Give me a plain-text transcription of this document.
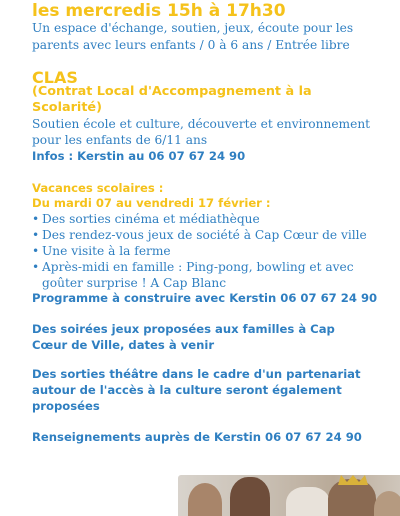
les mercredis 15h à 17h30
Un espace d'échange, soutien, jeux, écoute pour les parents avec leurs enfants / 0 à 6 ans / Entrée libre
CLAS
(Contrat Local d'Accompagnement à la Scolarité)
Soutien école et culture, découverte et environnement pour les enfants de 6/11 ans
Infos : Kerstin au 06 07 67 24 90
Vacances scolaires :
Du mardi 07 au vendredi 17 février :
• Des sorties cinéma et médiathèque
• Des rendez-vous jeux de société à Cap Cœur de ville
• Une visite à la ferme
• Après-midi en famille : Ping-pong, bowling et avec goûter surprise ! A Cap Blanc
Programme à construire avec Kerstin 06 07 67 24 90
Des soirées jeux proposées aux familles à Cap Cœur de Ville, dates à venir
Des sorties théâtre dans le cadre d'un partenariat autour de l'accès à la culture seront également proposées
Renseignements auprès de Kerstin 06 07 67 24 90
